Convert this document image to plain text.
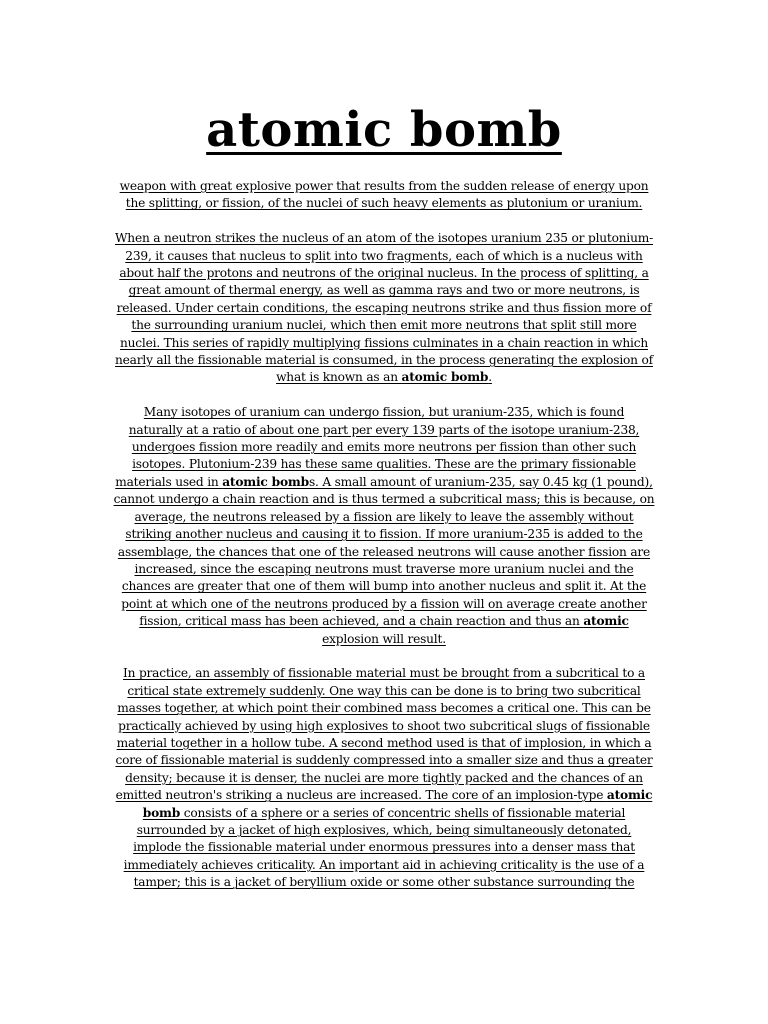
atomic bomb

weapon with great explosive power that results from the sudden release of energy upon
the splitting, or fission, of the nuclei of such heavy elements as plutonium or uranium.

When a neutron strikes the nucleus of an atom of the isotopes uranium 235 or plutonium-
239, it causes that nucleus to split into two fragments, each of which is a nucleus with
about half the protons and neutrons of the original nucleus. In the process of splitting, a
great amount of thermal energy, as well as gamma rays and two or more neutrons, is
released. Under certain conditions, the escaping neutrons strike and thus fission more of
the surrounding uranium nuclei, which then emit more neutrons that split still more
nuclei. This series of rapidly multiplying fissions culminates in a chain reaction in which
nearly all the fissionable material is consumed, in the process generating the explosion of
what is known as an atomic bomb.

Many isotopes of uranium can undergo fission, but uranium-235, which is found
naturally at a ratio of about one part per every 139 parts of the isotope uranium-238,
undergoes fission more readily and emits more neutrons per fission than other such
isotopes. Plutonium-239 has these same qualities. These are the primary fissionable
materials used in atomic bombs. A small amount of uranium-235, say 0.45 kg (1 pound),
cannot undergo a chain reaction and is thus termed a subcritical mass; this is because, on
average, the neutrons released by a fission are likely to leave the assembly without
striking another nucleus and causing it to fission. If more uranium-235 is added to the
assemblage, the chances that one of the released neutrons will cause another fission are
increased, since the escaping neutrons must traverse more uranium nuclei and the
chances are greater that one of them will bump into another nucleus and split it. At the
point at which one of the neutrons produced by a fission will on average create another
fission, critical mass has been achieved, and a chain reaction and thus an atomic
explosion will result.

In practice, an assembly of fissionable material must be brought from a subcritical to a
critical state extremely suddenly. One way this can be done is to bring two subcritical
masses together, at which point their combined mass becomes a critical one. This can be
practically achieved by using high explosives to shoot two subcritical slugs of fissionable
material together in a hollow tube. A second method used is that of implosion, in which a
core of fissionable material is suddenly compressed into a smaller size and thus a greater
density; because it is denser, the nuclei are more tightly packed and the chances of an
emitted neutron's striking a nucleus are increased. The core of an implosion-type atomic
bomb consists of a sphere or a series of concentric shells of fissionable material
surrounded by a jacket of high explosives, which, being simultaneously detonated,
implode the fissionable material under enormous pressures into a denser mass that
immediately achieves criticality. An important aid in achieving criticality is the use of a
tamper; this is a jacket of beryllium oxide or some other substance surrounding the
